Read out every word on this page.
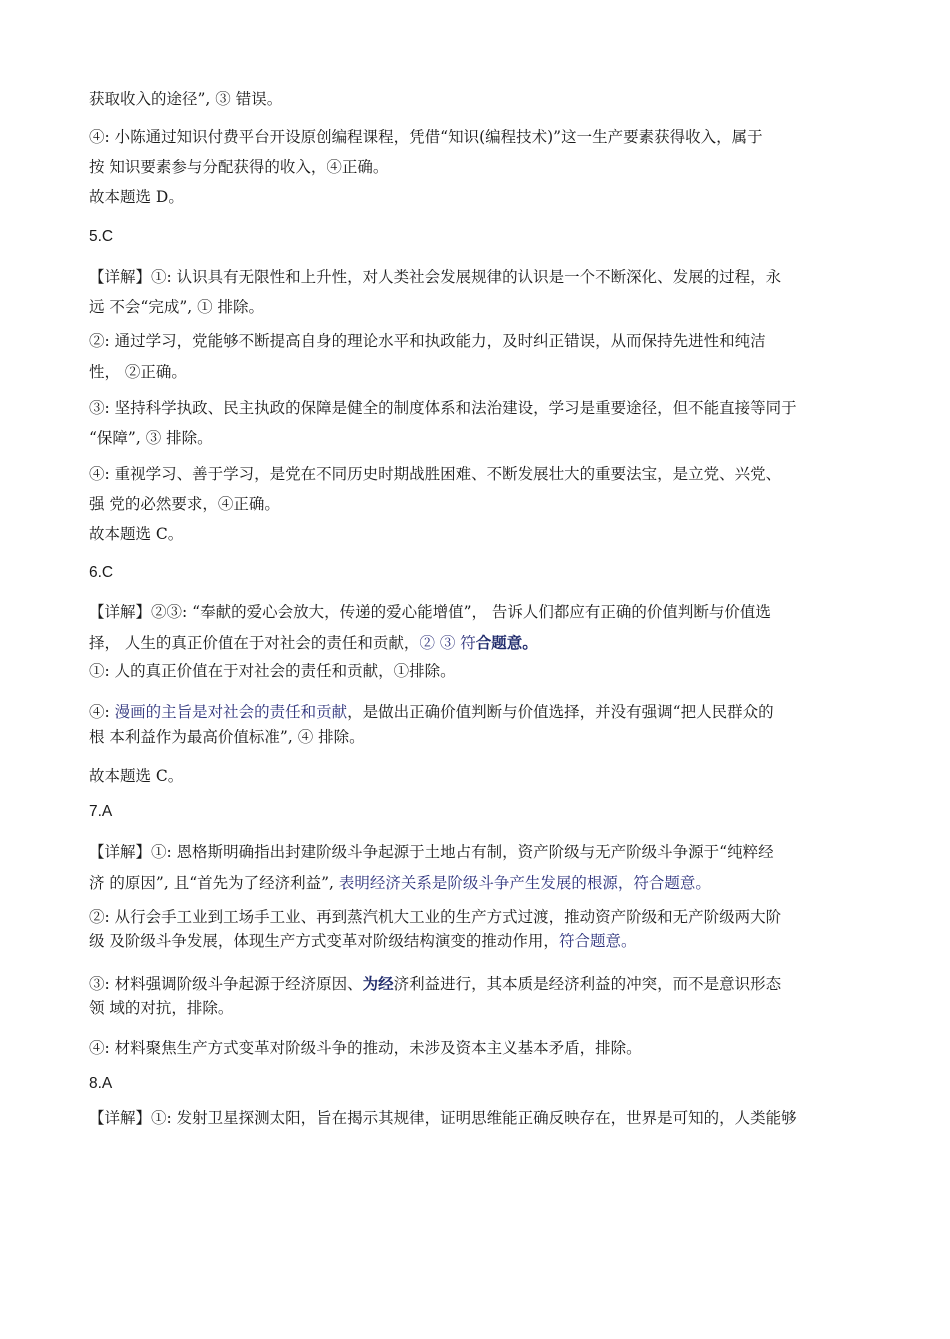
获取收入的途径”, ③ 错误。
④: 小陈通过知识付费平台开设原创编程课程，凭借“知识(编程技术)”这一生产要素获得收入，属于
按 知识要素参与分配获得的收入，④正确。
故本题选 D。
5.C
【详解】①: 认识具有无限性和上升性，对人类社会发展规律的认识是一个不断深化、发展的过程，永
远 不会“完成”, ① 排除。
②: 通过学习，党能够不断提高自身的理论水平和执政能力，及时纠正错误，从而保持先进性和纯洁
性， ②正确。
③: 坚持科学执政、民主执政的保障是健全的制度体系和法治建设，学习是重要途径，但不能直接等同于
“保障”, ③ 排除。
④: 重视学习、善于学习，是党在不同历史时期战胜困难、不断发展壮大的重要法宝，是立党、兴党、
强 党的必然要求，④正确。
故本题选 C。
6.C
【详解】②③: “奉献的爱心会放大，传递的爱心能增值”， 告诉人们都应有正确的价值判断与价值选
择， 人生的真正价值在于对社会的责任和贡献，② ③ 符合题意。
①: 人的真正价值在于对社会的责任和贡献，①排除。
④: 漫画的主旨是对社会的责任和贡献，是做出正确价值判断与价值选择，并没有强调“把人民群众的
根 本利益作为最高价值标准”, ④ 排除。
故本题选 C。
7.A
【详解】①: 恩格斯明确指出封建阶级斗争起源于土地占有制，资产阶级与无产阶级斗争源于“纯粹经
济 的原因”, 且“首先为了经济利益”, 表明经济关系是阶级斗争产生发展的根源，符合题意。
②: 从行会手工业到工场手工业、再到蒸汽机大工业的生产方式过渡，推动资产阶级和无产阶级两大阶
级 及阶级斗争发展，体现生产方式变革对阶级结构演变的推动作用，符合题意。
③: 材料强调阶级斗争起源于经济原因、为经济利益进行，其本质是经济利益的冲突，而不是意识形态
领 域的对抗，排除。
④: 材料聚焦生产方式变革对阶级斗争的推动，未涉及资本主义基本矛盾，排除。
8.A
【详解】①: 发射卫星探测太阳，旨在揭示其规律，证明思维能正确反映存在，世界是可知的，人类能够
